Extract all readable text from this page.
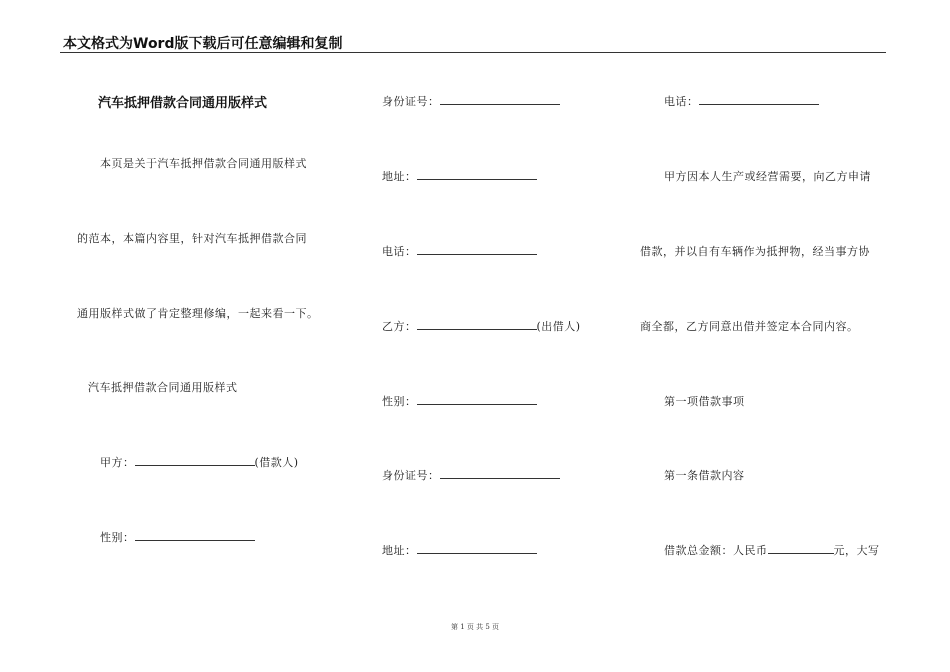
本文格式为Word版下载后可任意编辑和复制
汽车抵押借款合同通用版样式
本页是关于汽车抵押借款合同通用版样式
的范本，本篇内容里，针对汽车抵押借款合同
通用版样式做了肯定整理修编，一起来看一下。
汽车抵押借款合同通用版样式
甲方：	(借款人)
性别：
身份证号：
地址：
电话：
乙方：	(出借人)
性别：
身份证号：
地址：
电话：
甲方因本人生产或经营需要，向乙方申请
借款，并以自有车辆作为抵押物，经当事方协
商全都，乙方同意出借并签定本合同内容。
第一项借款事项
第一条借款内容
借款总金额：人民币	元，大写
第 1 页 共 5 页
